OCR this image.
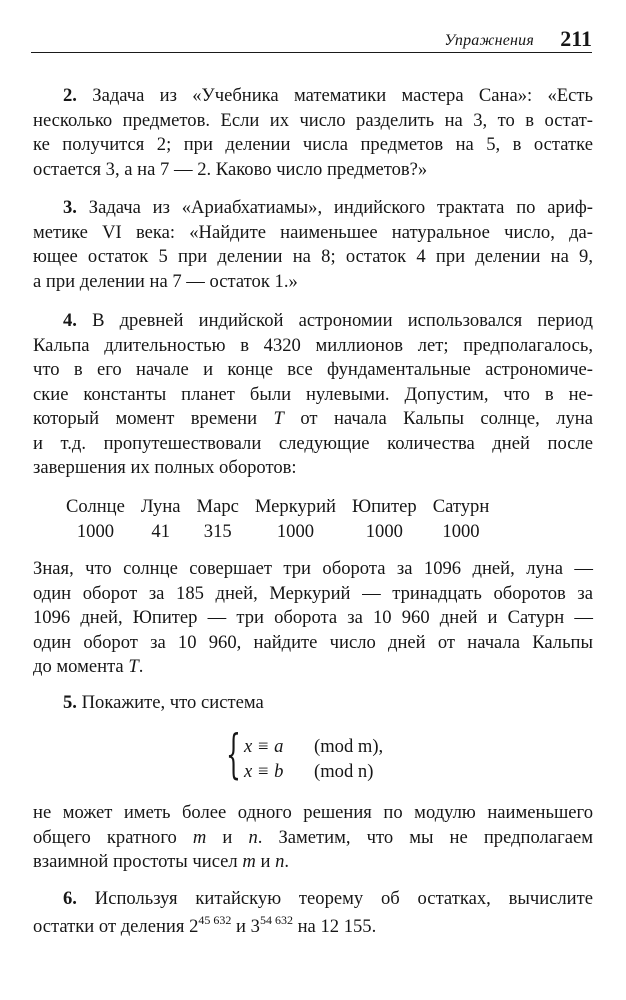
Упражнения 211
2. Задача из «Учебника математики мастера Сана»: «Есть
несколько предметов. Если их число разделить на 3, то в остат-
ке получится 2; при делении числа предметов на 5, в остатке
остается 3, а на 7 — 2. Каково число предметов?»
3. Задача из «Ариабхатиамы», индийского трактата по ариф-
метике VI века: «Найдите наименьшее натуральное число, да-
ющее остаток 5 при делении на 8; остаток 4 при делении на 9,
а при делении на 7 — остаток 1.»
4. В древней индийской астрономии использовался период
Кальпа длительностью в 4320 миллионов лет; предполагалось,
что в его начале и конце все фундаментальные астрономиче-
ские константы планет были нулевыми. Допустим, что в не-
который момент времени T от начала Кальпы солнце, луна
и т.д. пропутешествовали следующие количества дней после
завершения их полных оборотов:
Солнце	Луна	Марс	Меркурий	Юпитер	Сатурн
1000	41	315	1000	1000	1000
Зная, что солнце совершает три оборота за 1096 дней, луна —
один оборот за 185 дней, Меркурий — тринадцать оборотов за
1096 дней, Юпитер — три оборота за 10 960 дней и Сатурн —
один оборот за 10 960, найдите число дней от начала Кальпы
до момента T.
5. Покажите, что система
{ x ≡ a (mod m),
x ≡ b (mod n)
не может иметь более одного решения по модулю наименьшего
общего кратного m и n. Заметим, что мы не предполагаем
взаимной простоты чисел m и n.
6. Используя китайскую теорему об остатках, вычислите
остатки от деления $2^{45 632}$ и $3^{54 632}$ на 12 155.
